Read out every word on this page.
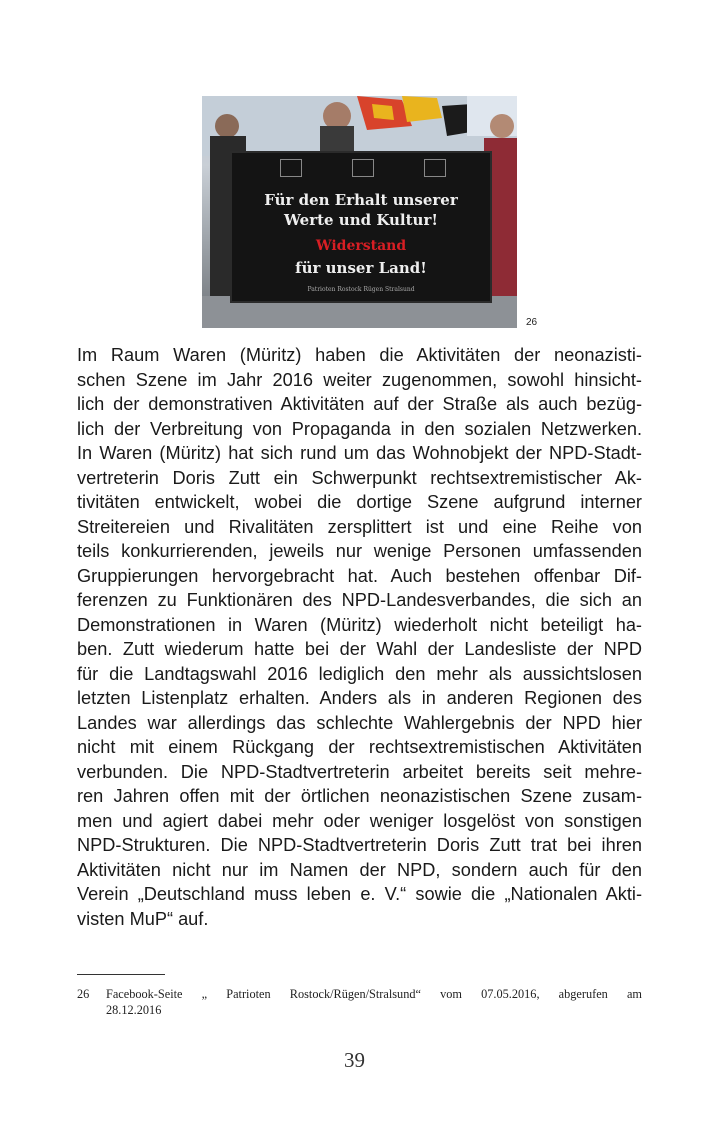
Für den Erhalt unserer
Werte und Kultur!
Widerstand
für unser Land!
Patrioten Rostock Rügen Stralsund
26
Im Raum Waren (Müritz) haben die Aktivitäten der neonazisti-
schen Szene im Jahr 2016 weiter zugenommen, sowohl hinsicht-
lich der demonstrativen Aktivitäten auf der Straße als auch bezüg-
lich der Verbreitung von Propaganda in den sozialen Netzwerken.
In Waren (Müritz) hat sich rund um das Wohnobjekt der NPD-Stadt-
vertreterin Doris Zutt ein Schwerpunkt rechtsextremistischer Ak-
tivitäten entwickelt, wobei die dortige Szene aufgrund interner
Streitereien und Rivalitäten zersplittert ist und eine Reihe von
teils konkurrierenden, jeweils nur wenige Personen umfassenden
Gruppierungen hervorgebracht hat. Auch bestehen offenbar Dif-
ferenzen zu Funktionären des NPD-Landesverbandes, die sich an
Demonstrationen in Waren (Müritz) wiederholt nicht beteiligt ha-
ben. Zutt wiederum hatte bei der Wahl der Landesliste der NPD
für die Landtagswahl 2016 lediglich den mehr als aussichtslosen
letzten Listenplatz erhalten. Anders als in anderen Regionen des
Landes war allerdings das schlechte Wahlergebnis der NPD hier
nicht mit einem Rückgang der rechtsextremistischen Aktivitäten
verbunden. Die NPD-Stadtvertreterin arbeitet bereits seit mehre-
ren Jahren offen mit der örtlichen neonazistischen Szene zusam-
men und agiert dabei mehr oder weniger losgelöst von sonstigen
NPD-Strukturen. Die NPD-Stadtvertreterin Doris Zutt trat bei ihren
Aktivitäten nicht nur im Namen der NPD, sondern auch für den
Verein „Deutschland muss leben e. V.“ sowie die „Nationalen Akti-
visten MuP“ auf.
26 Facebook-Seite „ Patrioten Rostock/Rügen/Stralsund“ vom 07.05.2016, abgerufen am
28.12.2016
39
